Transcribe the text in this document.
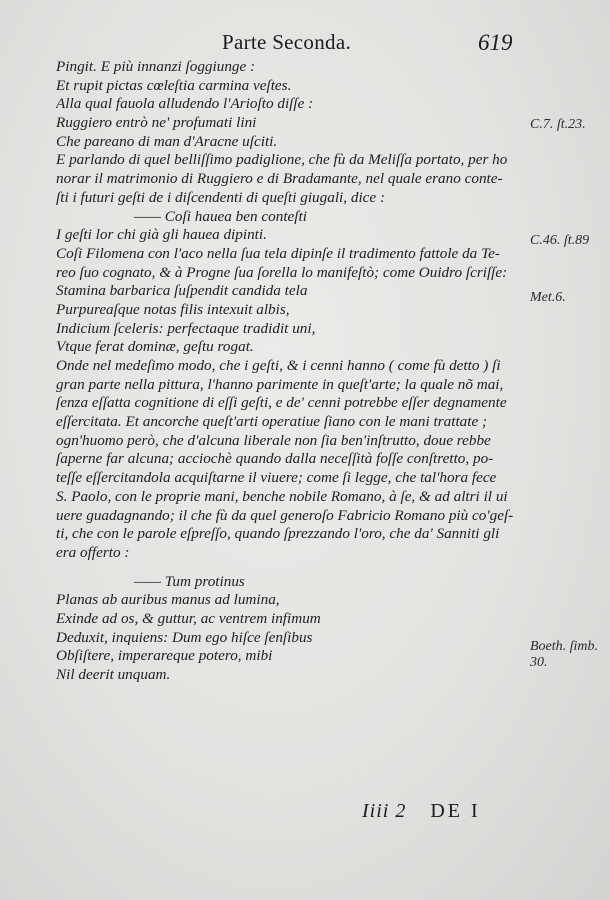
Parte Seconda.	619
Pingit. E più innanzi ſoggiunge :
Et rupit pictas cœleſtia carmina veſtes.
Alla qual fauola alludendo l'Arioſto diſſe :
Ruggiero entrò ne' profumati lini
Che pareano di man d'Aracne uſciti.
E parlando di quel belliſſimo padiglione, che fù da Meliſſa portato, per ho
norar il matrimonio di Ruggiero e di Bradamante, nel quale erano conte-
ſti i futuri geſti de i diſcendenti di queſti giugali, dice :
—— Coſi hauea ben conteſti
I geſti lor chi già gli hauea dipinti.
Coſi Filomena con l'aco nella ſua tela dipinſe il tradimento fattole da Te-
reo ſuo cognato, & à Progne ſua ſorella lo manifeſtò; come Ouidro ſcriſſe:
Stamina barbarica ſuſpendit candida tela
Purpureaſque notas filis intexuit albis,
Indicium ſceleris: perfectaque tradidit uni,
Vtque ferat dominæ, geſtu rogat.
Onde nel medeſimo modo, che i geſti, & i cenni hanno ( come fù detto ) ſi
gran parte nella pittura, l'hanno parimente in queſt'arte; la quale nõ mai,
ſenza eſſatta cognitione di eſſi geſti, e de' cenni potrebbe eſſer degnamente
eſſercitata. Et ancorche queſt'arti operatiue ſiano con le mani trattate ;
ogn'huomo però, che d'alcuna liberale non ſia ben'inſtrutto, doue rebbe
ſaperne far alcuna; acciochè quando dalla neceſſità foſſe conſtretto, po-
teſſe eſſercitandola acquiſtarne il viuere; come ſi legge, che tal'hora fece
S. Paolo, con le proprie mani, benche nobile Romano, à ſe, & ad altri il ui
uere guadagnando; il che fù da quel generoſo Fabricio Romano più co'geſ-
ti, che con le parole eſpreſſo, quando ſprezzando l'oro, che da' Sanniti gli
era offerto :
—— Tum protinus
Planas ab auribus manus ad lumina,
Exinde ad os, & guttur, ac ventrem infimum
Deduxit, inquiens: Dum ego hiſce ſenſibus
Obſiſtere, imperareque potero, mibi
Nil deerit unquam.
C.7. ſt.23.
C.46. ſt.89
Met.6.
Boeth. ſimb.
30.
Iiii 2 DE I
